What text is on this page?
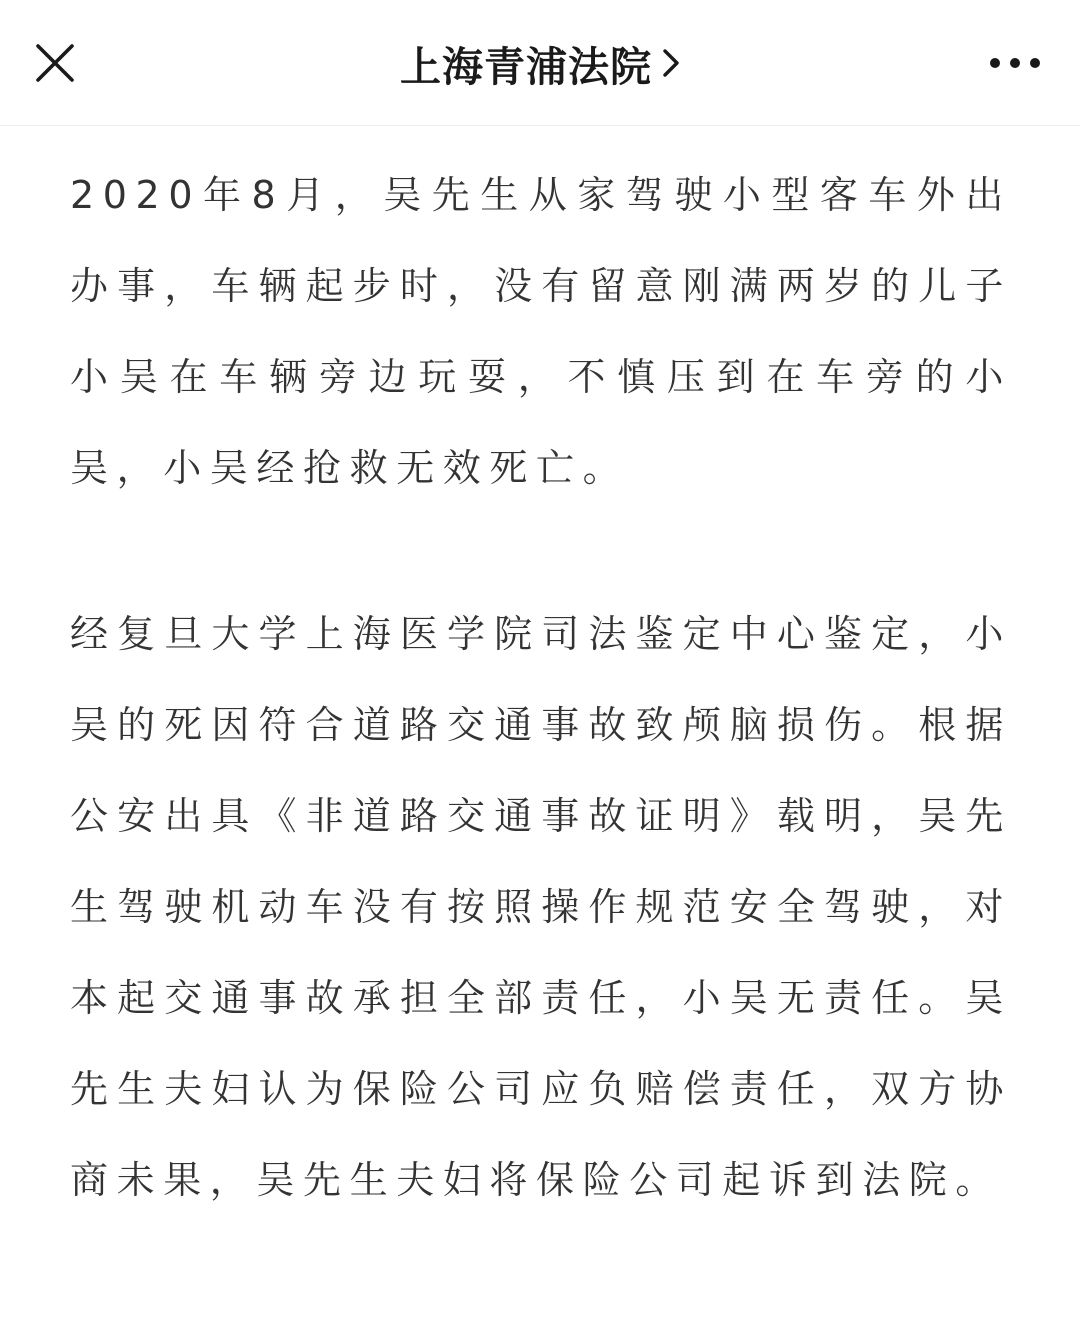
上海青浦法院

2020年8月，吴先生从家驾驶小型客车外出办事，车辆起步时，没有留意刚满两岁的儿子小吴在车辆旁边玩耍，不慎压到在车旁的小吴，小吴经抢救无效死亡。

经复旦大学上海医学院司法鉴定中心鉴定，小吴的死因符合道路交通事故致颅脑损伤。根据公安出具《非道路交通事故证明》载明，吴先生驾驶机动车没有按照操作规范安全驾驶，对本起交通事故承担全部责任，小吴无责任。吴先生夫妇认为保险公司应负赔偿责任，双方协商未果，吴先生夫妇将保险公司起诉到法院。
